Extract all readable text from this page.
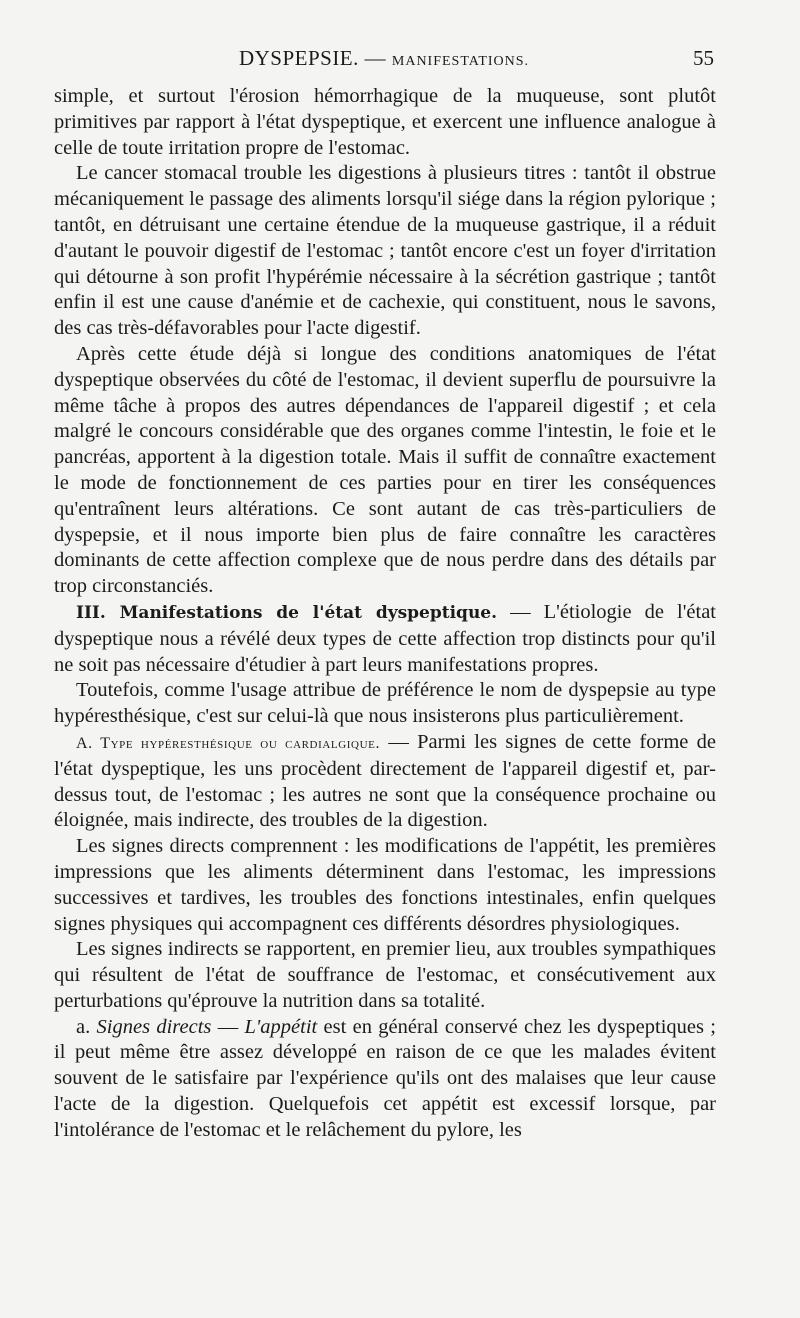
DYSPEPSIE. — MANIFESTATIONS.	55

simple, et surtout l'érosion hémorrhagique de la muqueuse, sont plutôt primitives par rapport à l'état dyspeptique, et exercent une influence analogue à celle de toute irritation propre de l'estomac.

Le cancer stomacal trouble les digestions à plusieurs titres : tantôt il obstrue mécaniquement le passage des aliments lorsqu'il siége dans la région pylorique ; tantôt, en détruisant une certaine étendue de la muqueuse gastrique, il a réduit d'autant le pouvoir digestif de l'estomac ; tantôt encore c'est un foyer d'irritation qui détourne à son profit l'hypérémie nécessaire à la sécrétion gastrique ; tantôt enfin il est une cause d'anémie et de cachexie, qui constituent, nous le savons, des cas très-défavorables pour l'acte digestif.

Après cette étude déjà si longue des conditions anatomiques de l'état dyspeptique observées du côté de l'estomac, il devient superflu de poursuivre la même tâche à propos des autres dépendances de l'appareil digestif ; et cela malgré le concours considérable que des organes comme l'intestin, le foie et le pancréas, apportent à la digestion totale. Mais il suffit de connaître exactement le mode de fonctionnement de ces parties pour en tirer les conséquences qu'entraînent leurs altérations. Ce sont autant de cas très-particuliers de dyspepsie, et il nous importe bien plus de faire connaître les caractères dominants de cette affection complexe que de nous perdre dans des détails par trop circonstanciés.

III. Manifestations de l'état dyspeptique. — L'étiologie de l'état dyspeptique nous a révélé deux types de cette affection trop distincts pour qu'il ne soit pas nécessaire d'étudier à part leurs manifestations propres.

Toutefois, comme l'usage attribue de préférence le nom de dyspepsie au type hypéresthésique, c'est sur celui-là que nous insisterons plus particulièrement.

A. Type hypéresthésique ou cardialgique. — Parmi les signes de cette forme de l'état dyspeptique, les uns procèdent directement de l'appareil digestif et, par-dessus tout, de l'estomac ; les autres ne sont que la conséquence prochaine ou éloignée, mais indirecte, des troubles de la digestion.

Les signes directs comprennent : les modifications de l'appétit, les premières impressions que les aliments déterminent dans l'estomac, les impressions successives et tardives, les troubles des fonctions intestinales, enfin quelques signes physiques qui accompagnent ces différents désordres physiologiques.

Les signes indirects se rapportent, en premier lieu, aux troubles sympathiques qui résultent de l'état de souffrance de l'estomac, et consécutivement aux perturbations qu'éprouve la nutrition dans sa totalité.

a. Signes directs — L'appétit est en général conservé chez les dyspeptiques ; il peut même être assez développé en raison de ce que les malades évitent souvent de le satisfaire par l'expérience qu'ils ont des malaises que leur cause l'acte de la digestion. Quelquefois cet appétit est excessif lorsque, par l'intolérance de l'estomac et le relâchement du pylore, les
